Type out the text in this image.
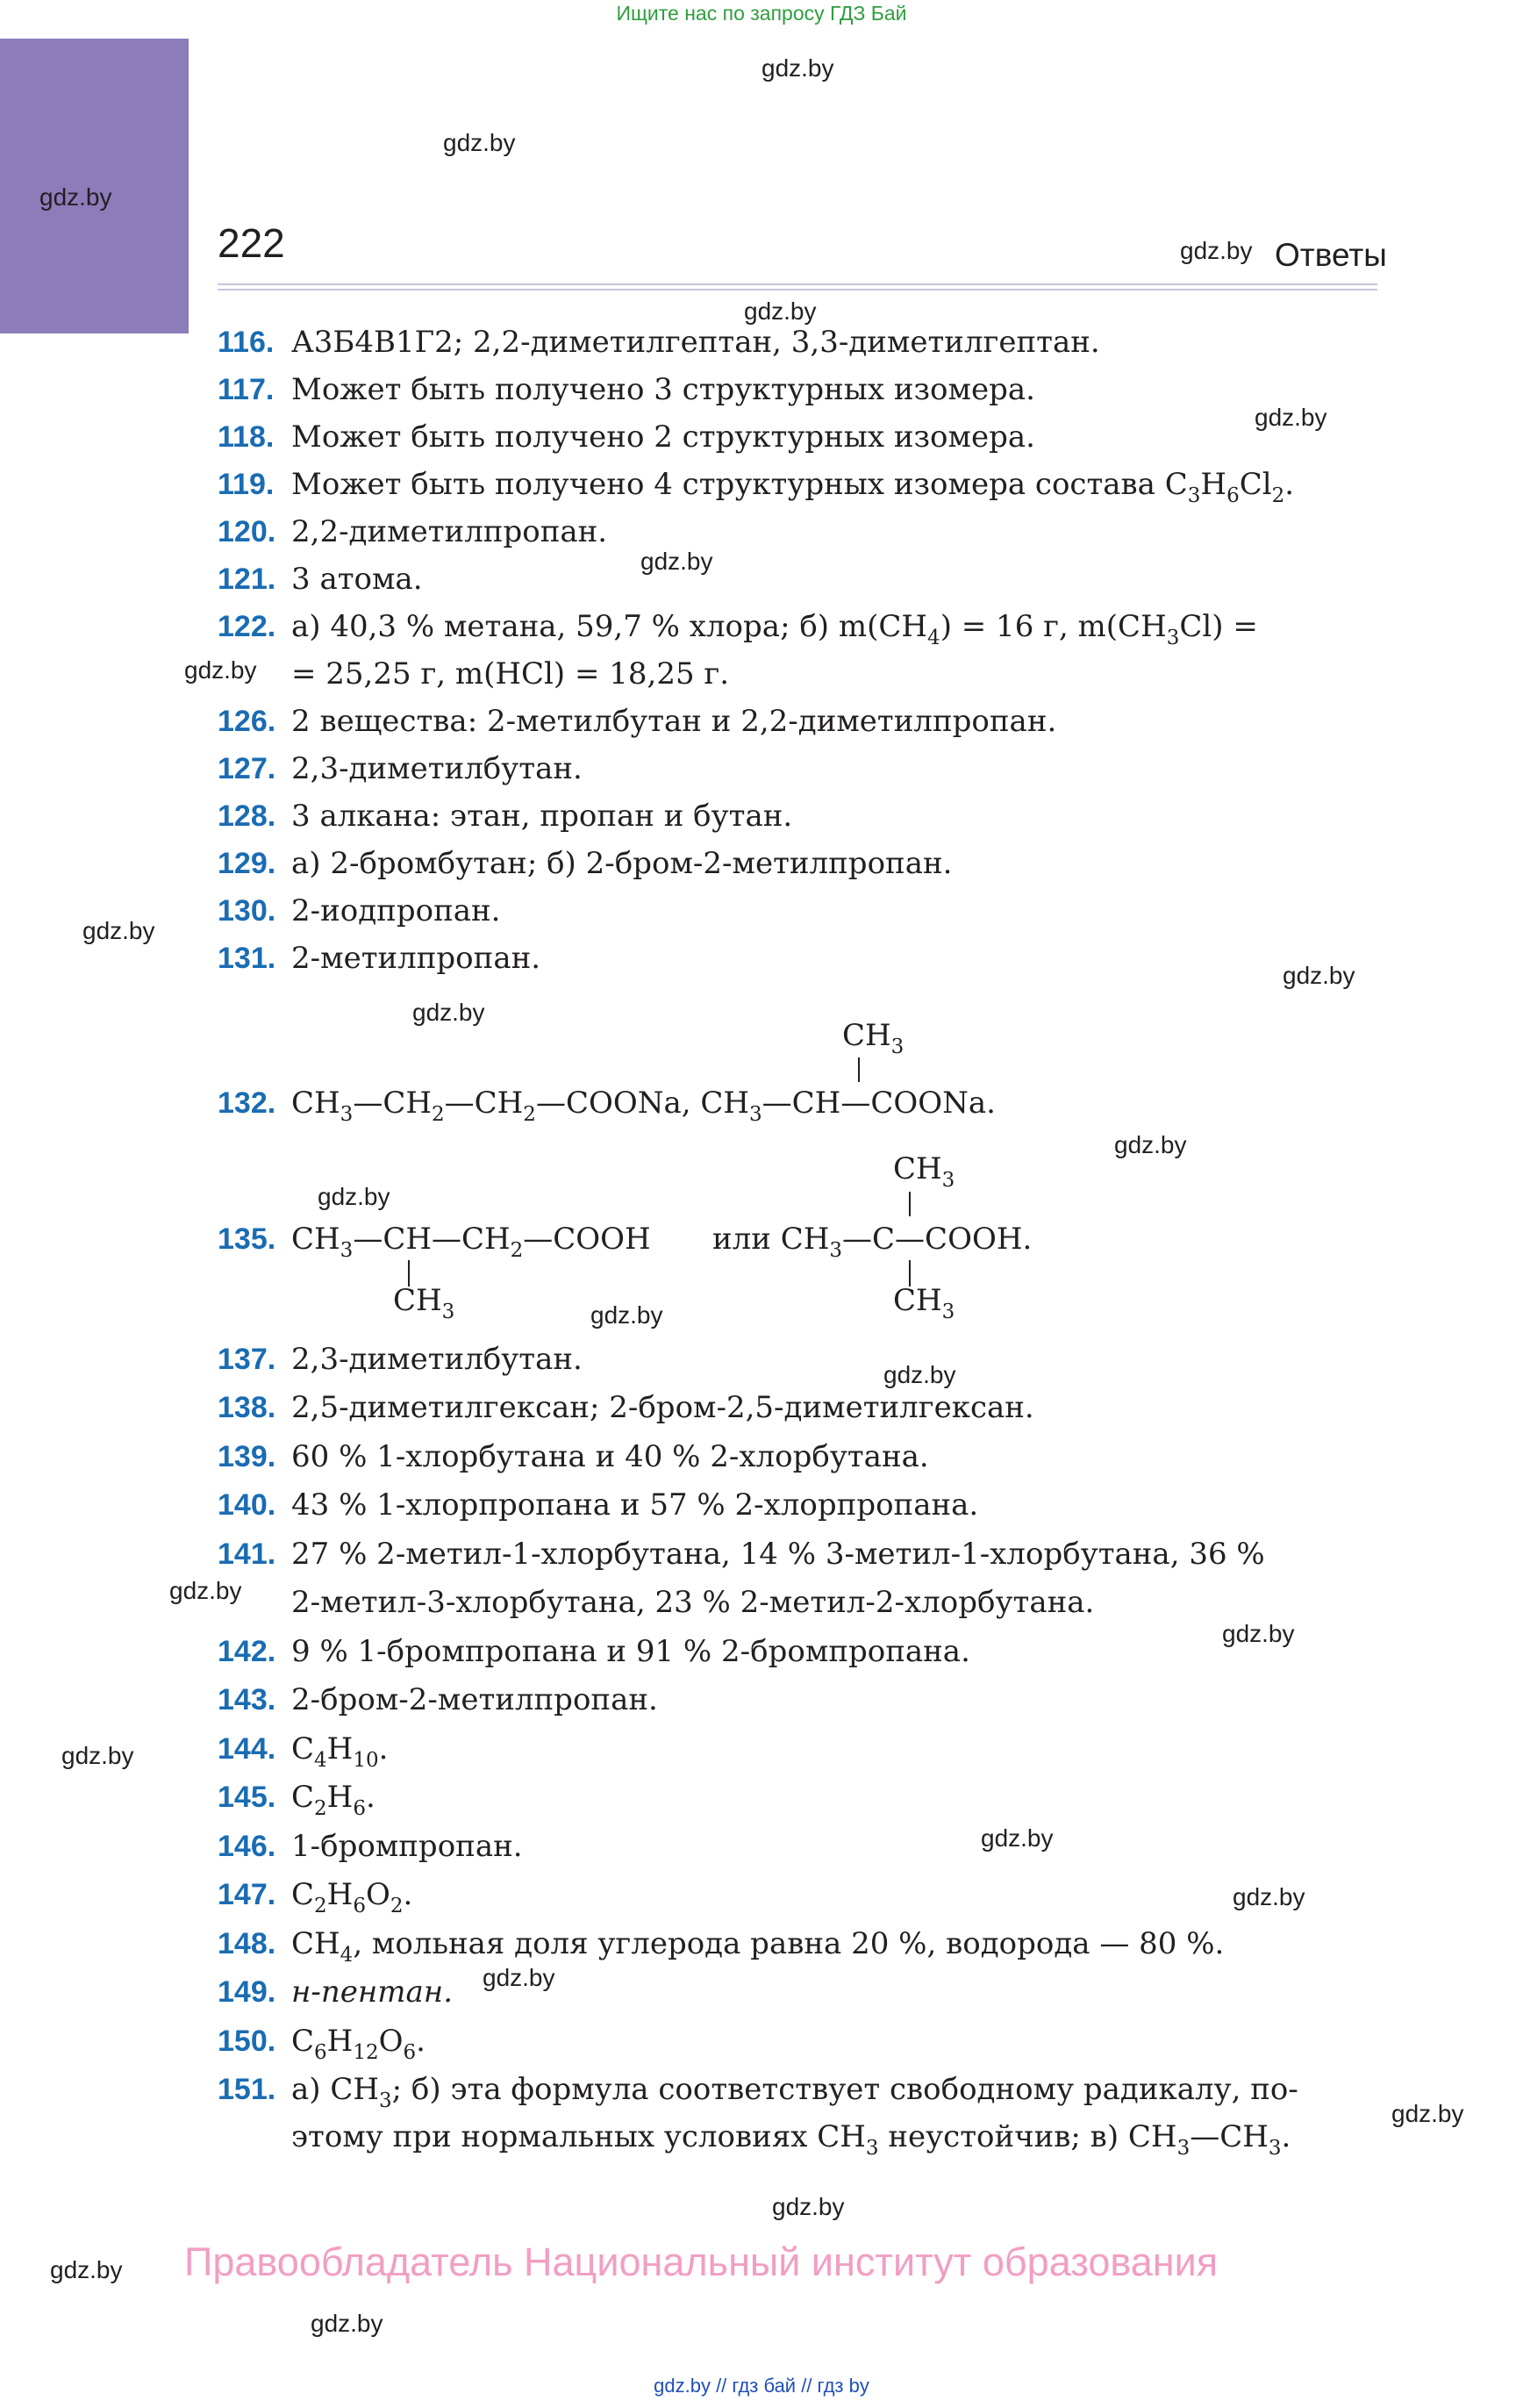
Ищите нас по запросу ГДЗ Бай
gdz.by
gdz.by
gdz.by
gdz.by
gdz.by
gdz.by
gdz.by
gdz.by
gdz.by
gdz.by
gdz.by
gdz.by
gdz.by
gdz.by
gdz.by
gdz.by
gdz.by
gdz.by
gdz.by
gdz.by
gdz.by
gdz.by
gdz.by
gdz.by
gdz.by
222	Ответы
116. А3Б4В1Г2; 2,2-диметилгептан, 3,3-диметилгептан.
117. Может быть получено 3 структурных изомера.
118. Может быть получено 2 структурных изомера.
119. Может быть получено 4 структурных изомера состава $C_3H_6Cl_2$.
120. 2,2-диметилпропан.
121. 3 атома.
122. а) 40,3 % метана, 59,7 % хлора; б) $m(CH_4) = 16$ г, $m(CH_3Cl)$ =
= 25,25 г, m(HCl) = 18,25 г.
126. 2 вещества: 2-метилбутан и 2,2-диметилпропан.
127. 2,3-диметилбутан.
128. 3 алкана: этан, пропан и бутан.
129. а) 2-бромбутан; б) 2-бром-2-метилпропан.
130. 2-иодпропан.
131. 2-метилпропан.
$CH_3$
132. $CH_3—CH_2—CH_2—COONa$, $CH_3—CH—COONa$.
$CH_3$
135. $CH_3—CH—CH_2—COOH$ или $CH_3—C—COOH$.
$CH_3$	$CH_3$
137. 2,3-диметилбутан.
138. 2,5-диметилгексан; 2-бром-2,5-диметилгексан.
139. 60 % 1-хлорбутана и 40 % 2-хлорбутана.
140. 43 % 1-хлорпропана и 57 % 2-хлорпропана.
141. 27 % 2-метил-1-хлорбутана, 14 % 3-метил-1-хлорбутана, 36 %
2-метил-3-хлорбутана, 23 % 2-метил-2-хлорбутана.
142. 9 % 1-бромпропана и 91 % 2-бромпропана.
143. 2-бром-2-метилпропан.
144. $C_4H_{10}$.
145. $C_2H_6$.
146. 1-бромпропан.
147. $C_2H_6O_2$.
148. $CH_4$, мольная доля углерода равна 20 %, водорода — 80 %.
149. н-пентан.
150. $C_6H_{12}O_6$.
151. а) $CH_3$; б) эта формула соответствует свободному радикалу, по-
этому при нормальных условиях $CH_3$ неустойчив; в) $CH_3—CH_3$.
Правообладатель Национальный институт образования
gdz.by // гдз бай // гдз by
